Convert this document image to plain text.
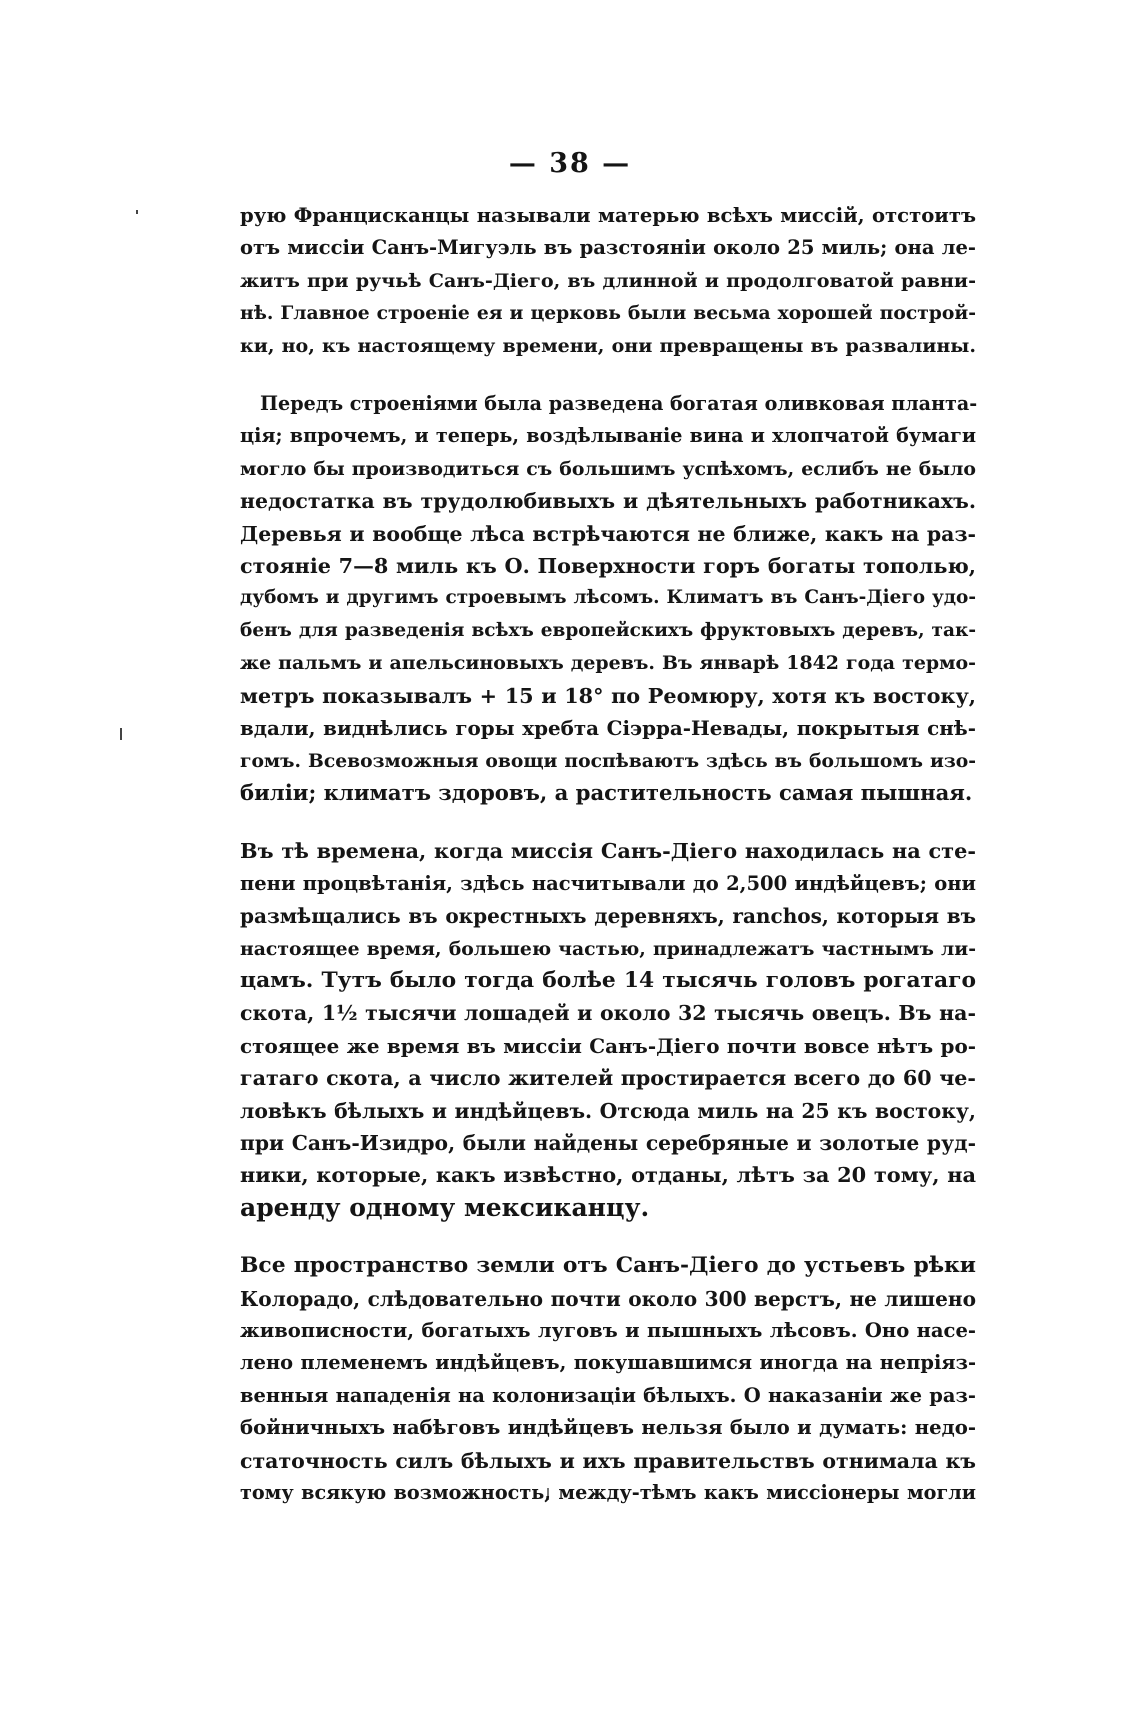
— 38 —

рую Францисканцы называли матерью всѣхъ миссій, отстоитъ
отъ миссіи Санъ-Мигуэль въ разстояніи около 25 миль; она ле-
житъ при ручьѣ Санъ-Діего, въ длинной и продолговатой равни-
нѣ. Главное строеніе ея и церковь были весьма хорошей построй-
ки, но, къ настоящему времени, они превращены въ развалины.

Передъ строеніями была разведена богатая оливковая планта-
ція; впрочемъ, и теперь, воздѣлываніе вина и хлопчатой бумаги
могло бы производиться съ большимъ успѣхомъ, еслибъ не было
недостатка въ трудолюбивыхъ и дѣятельныхъ работникахъ.
Деревья и вообще лѣса встрѣчаются не ближе, какъ на раз-
стояніе 7—8 миль къ О. Поверхности горъ богаты тополью,
дубомъ и другимъ строевымъ лѣсомъ. Климатъ въ Санъ-Діего удо-
бенъ для разведенія всѣхъ европейскихъ фруктовыхъ деревъ, так-
же пальмъ и апельсиновыхъ деревъ. Въ январѣ 1842 года термо-
метръ показывалъ + 15 и 18° по Реомюру, хотя къ востоку,
вдали, виднѣлись горы хребта Сіэрра-Невады, покрытыя снѣ-
гомъ. Всевозможныя овощи поспѣваютъ здѣсь въ большомъ изо-
биліи; климатъ здоровъ, а растительность самая пышная.

Въ тѣ времена, когда миссія Санъ-Діего находилась на сте-
пени процвѣтанія, здѣсь насчитывали до 2,500 индѣйцевъ; они
размѣщались въ окрестныхъ деревняхъ, ranchos, которыя въ
настоящее время, большею частью, принадлежатъ частнымъ ли-
цамъ. Тутъ было тогда болѣе 14 тысячь головъ рогатаго
скота, 1½ тысячи лошадей и около 32 тысячь овецъ. Въ на-
стоящее же время въ миссіи Санъ-Діего почти вовсе нѣтъ ро-
гатаго скота, а число жителей простирается всего до 60 че-
ловѣкъ бѣлыхъ и индѣйцевъ. Отсюда миль на 25 къ востоку,
при Санъ-Изидро, были найдены серебряные и золотые руд-
ники, которые, какъ извѣстно, отданы, лѣтъ за 20 тому, на
аренду одному мексиканцу.

Все пространство земли отъ Санъ-Діего до устьевъ рѣки
Колорадо, слѣдовательно почти около 300 верстъ, не лишено
живописности, богатыхъ луговъ и пышныхъ лѣсовъ. Оно насе-
лено племенемъ индѣйцевъ, покушавшимся иногда на непріяз-
венныя нападенія на колонизаціи бѣлыхъ. О наказаніи же раз-
бойничныхъ набѣговъ индѣйцевъ нельзя было и думать: недо-
статочность силъ бѣлыхъ и ихъ правительствъ отнимала къ
тому всякую возможность, между-тѣмъ какъ миссіонеры могли
